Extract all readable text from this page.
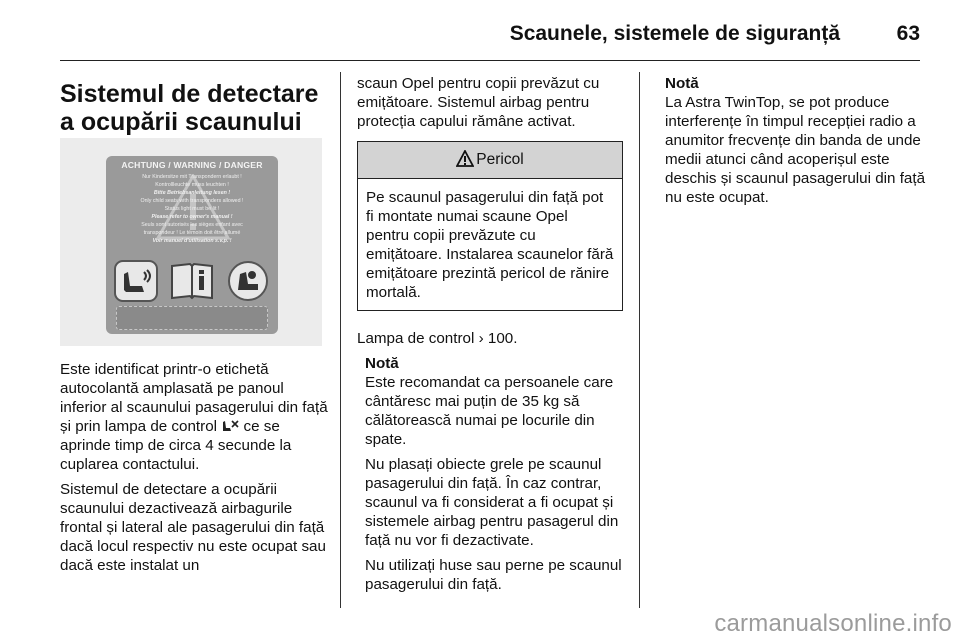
Scaunele, sistemele de siguranță	63
Sistemul de detectare
a ocupării scaunului
ACHTUNG / WARNING / DANGER
Nur Kindersitze mit Transpondern erlaubt !
Kontrollleuchte muss leuchten !
Bitte Betriebsanleitung lesen !
Only child seats with transponders allowed !
Status light must be lit !
Please refer to owner's manual !
Seuls sont autorisés les sièges enfant avec
transpondeur ! Le témoin doit être allumé
Voir manuel d'utilisation s.v.p. !

Este identificat printr-o etichetă autocolantă amplasată pe panoul inferior al scaunului pasagerului din față și prin lampa de control ce se aprinde timp de circa 4 secunde la cuplarea contactului.

Sistemul de detectare a ocupării scaunului dezactivează airbagurile frontal și lateral ale pasagerului din față dacă locul respectiv nu este ocupat sau dacă este instalat un

scaun Opel pentru copii prevăzut cu emițătoare. Sistemul airbag pentru protecția capului rămâne activat.

Pericol
Pe scaunul pasagerului din față pot fi montate numai scaune Opel pentru copii prevăzute cu emițătoare. Instalarea scaunelor fără emițătoare prezintă pericol de rănire mortală.

Lampa de control › 100.

Notă

Este recomandat ca persoanele care cântăresc mai puțin de 35 kg să călătorească numai pe locurile din spate.

Nu plasați obiecte grele pe scaunul pasagerului din față. În caz contrar, scaunul va fi considerat a fi ocupat și sistemele airbag pentru pasagerul din față nu vor fi dezactivate.

Nu utilizați huse sau perne pe scaunul pasagerului din față.

Notă

La Astra TwinTop, se pot produce interferențe în timpul recepției radio a anumitor frecvențe din banda de unde medii atunci când acoperișul este deschis și scaunul pasagerului din față nu este ocupat.

carmanualsonline.info
